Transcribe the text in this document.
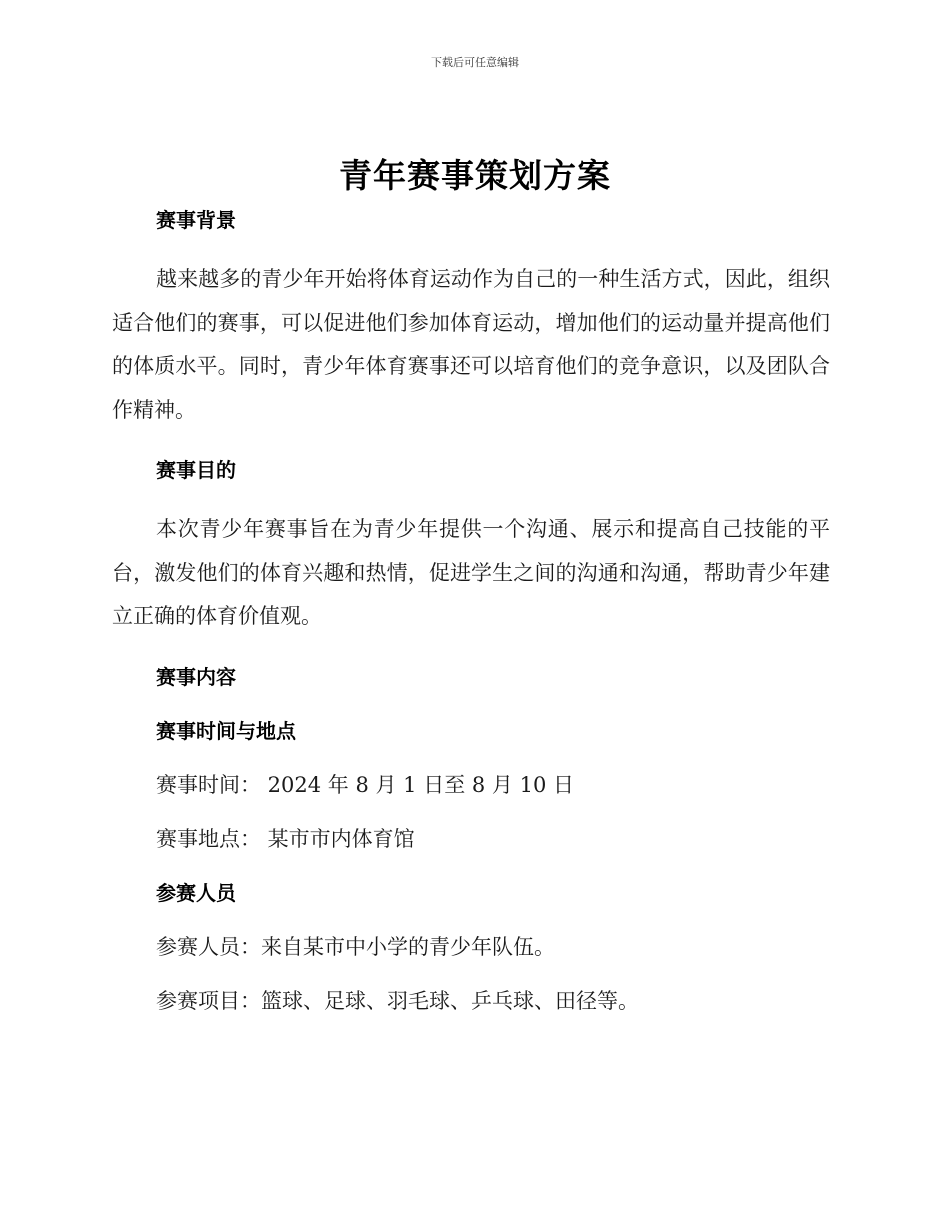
下载后可任意编辑
青年赛事策划方案
赛事背景

越来越多的青少年开始将体育运动作为自己的一种生活方式，因此，组织适合他们的赛事，可以促进他们参加体育运动，增加他们的运动量并提高他们的体质水平。同时，青少年体育赛事还可以培育他们的竞争意识，以及团队合作精神。

赛事目的

本次青少年赛事旨在为青少年提供一个沟通、展示和提高自己技能的平台，激发他们的体育兴趣和热情，促进学生之间的沟通和沟通，帮助青少年建立正确的体育价值观。

赛事内容
赛事时间与地点

赛事时间： 2024 年 8 月 1 日至 8 月 10 日

赛事地点： 某市市内体育馆

参赛人员

参赛人员：来自某市中小学的青少年队伍。

参赛项目：篮球、足球、羽毛球、乒乓球、田径等。
